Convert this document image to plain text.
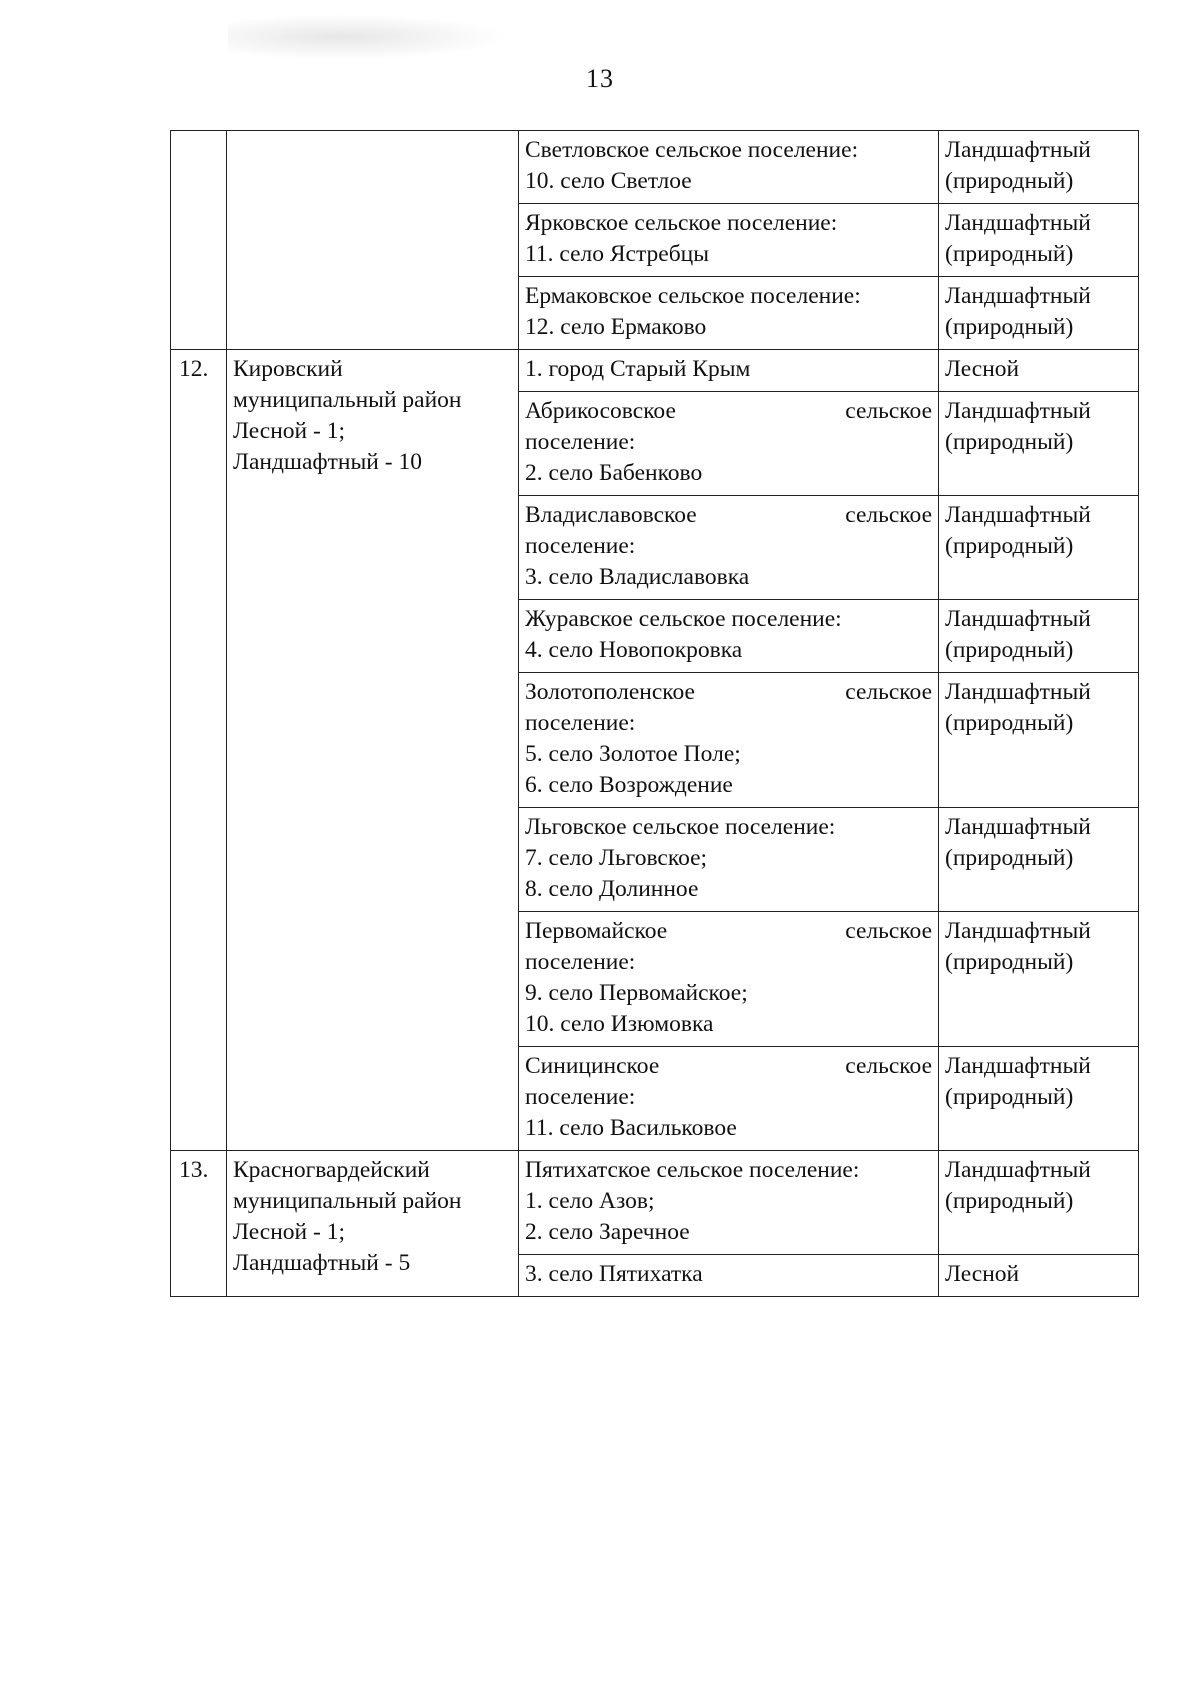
13

		Светловское сельское поселение:
10. село Светлое	Ландшафтный
(природный)

		Ярковское сельское поселение:
11. село Ястребцы	Ландшафтный
(природный)

		Ермаковское сельское поселение:
12. село Ермаково	Ландшафтный
(природный)

12.	Кировский
муниципальный район
Лесной - 1;
Ландшафтный - 10	1. город Старый Крым	Лесной

		Абрикосовское сельское
поселение:
2. село Бабенково	Ландшафтный
(природный)

		Владиславовское сельское
поселение:
3. село Владиславовка	Ландшафтный
(природный)

		Журавское сельское поселение:
4. село Новопокровка	Ландшафтный
(природный)

		Золотополенское сельское
поселение:
5. село Золотое Поле;
6. село Возрождение	Ландшафтный
(природный)

		Льговское сельское поселение:
7. село Льговское;
8. село Долинное	Ландшафтный
(природный)

		Первомайское сельское
поселение:
9. село Первомайское;
10. село Изюмовка	Ландшафтный
(природный)

		Синицинское сельское
поселение:
11. село Васильковое	Ландшафтный
(природный)

13.	Красногвардейский
муниципальный район
Лесной - 1;
Ландшафтный - 5	Пятихатское сельское поселение:
1. село Азов;
2. село Заречное	Ландшафтный
(природный)

		3. село Пятихатка	Лесной
